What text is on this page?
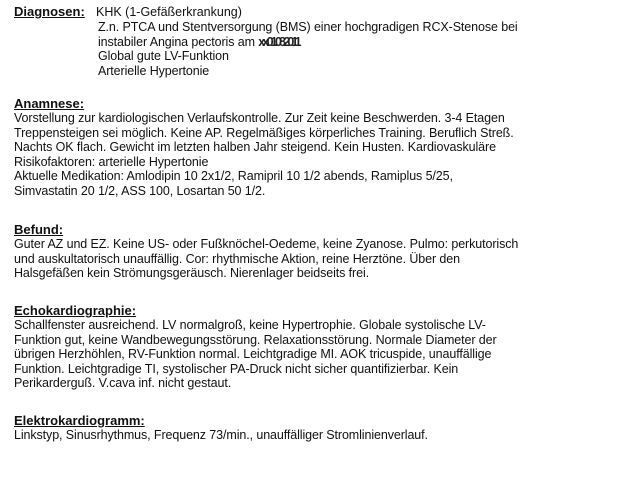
Diagnosen: KHK (1-Gefäßerkrankung)
Z.n. PTCA und Stentversorgung (BMS) einer hochgradigen RCX-Stenose bei
instabiler Angina pectoris am xx.01.08.2011
Global gute LV-Funktion
Arterielle Hypertonie
Anamnese:
Vorstellung zur kardiologischen Verlaufskontrolle. Zur Zeit keine Beschwerden. 3-4 Etagen
Treppensteigen sei möglich. Keine AP. Regelmäßiges körperliches Training. Beruflich Streß.
Nachts OK flach. Gewicht im letzten halben Jahr steigend. Kein Husten. Kardiovaskuläre
Risikofaktoren: arterielle Hypertonie
Aktuelle Medikation: Amlodipin 10 2x1/2, Ramipril 10 1/2 abends, Ramiplus 5/25,
Simvastatin 20 1/2, ASS 100, Losartan 50 1/2.
Befund:
Guter AZ und EZ. Keine US- oder Fußknöchel-Oedeme, keine Zyanose. Pulmo: perkutorisch
und auskultatorisch unauffällig. Cor: rhythmische Aktion, reine Herztöne. Über den
Halsgefäßen kein Strömungsgeräusch. Nierenlager beidseits frei.
Echokardiographie:
Schallfenster ausreichend. LV normalgroß, keine Hypertrophie. Globale systolische LV-
Funktion gut, keine Wandbewegungsstörung. Relaxationsstörung. Normale Diameter der
übrigen Herzhöhlen, RV-Funktion normal. Leichtgradige MI. AOK tricuspide, unauffällige
Funktion. Leichtgradige TI, systolischer PA-Druck nicht sicher quantifizierbar. Kein
Perikarderguß. V.cava inf. nicht gestaut.
Elektrokardiogramm:
Linkstyp, Sinusrhythmus, Frequenz 73/min., unauffälliger Stromlinienverlauf.
